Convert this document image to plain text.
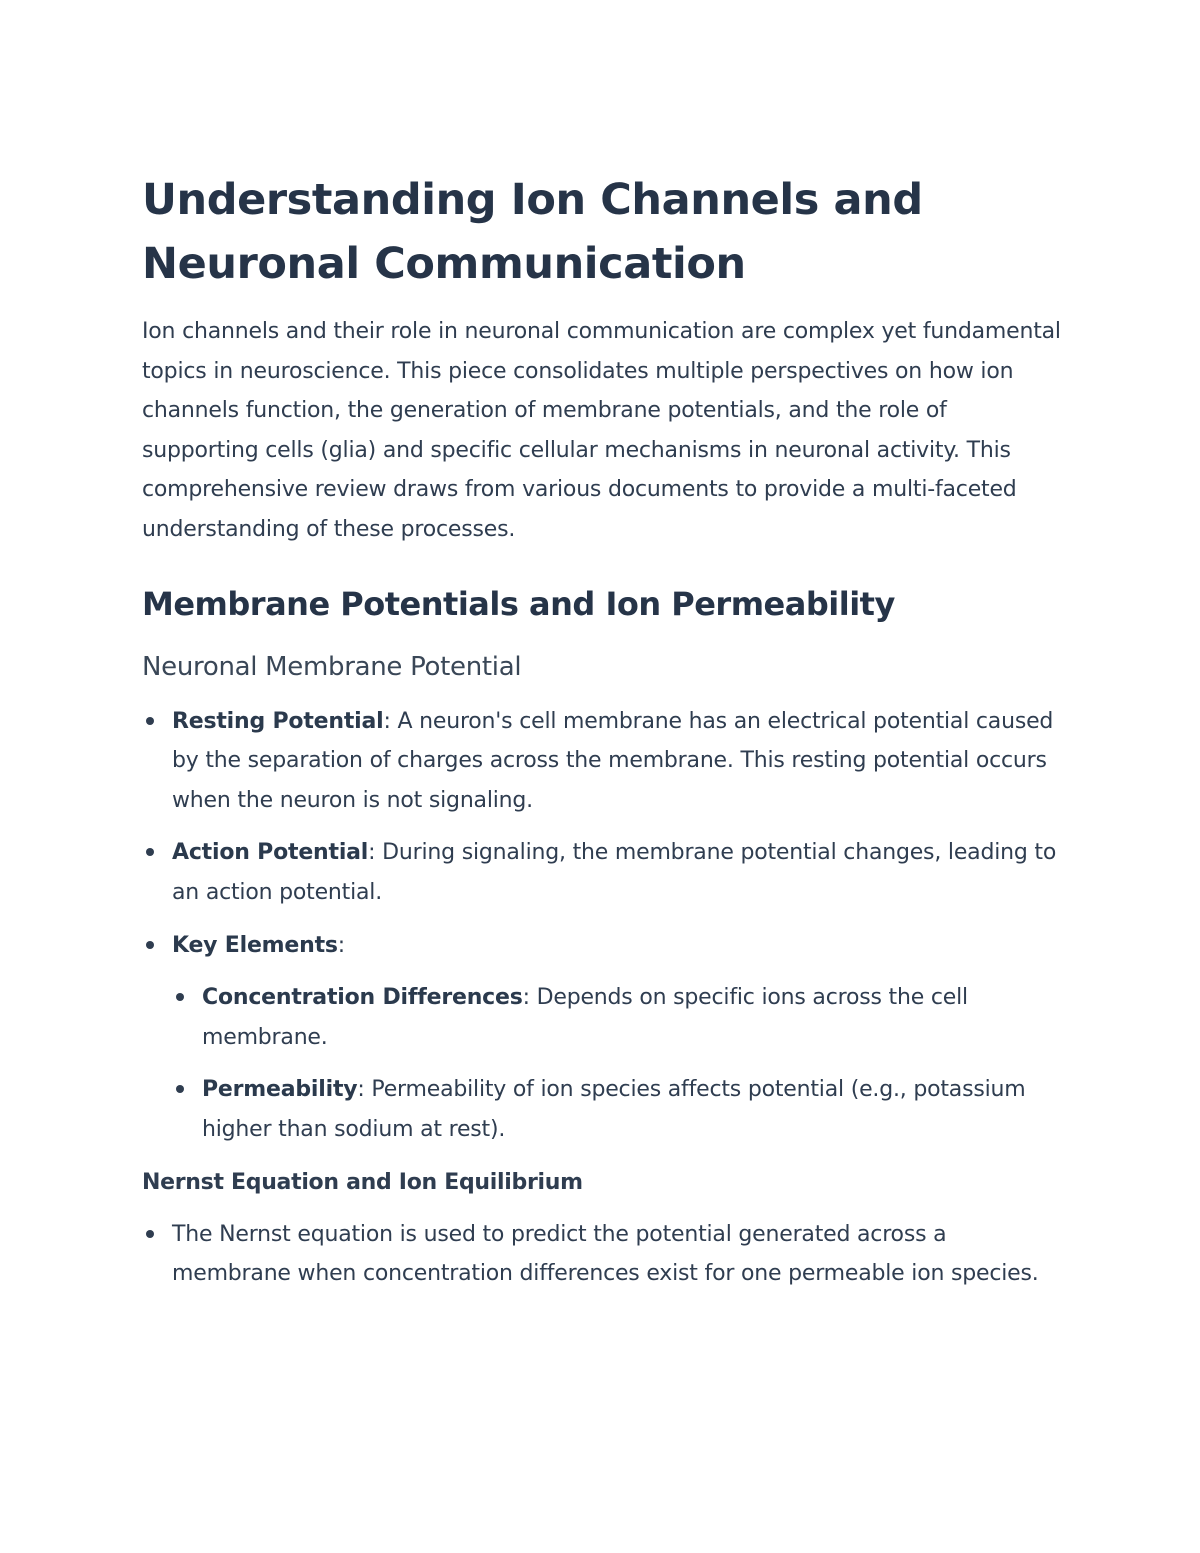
Understanding Ion Channels and Neuronal Communication

Ion channels and their role in neuronal communication are complex yet fundamental topics in neuroscience. This piece consolidates multiple perspectives on how ion channels function, the generation of membrane potentials, and the role of supporting cells (glia) and specific cellular mechanisms in neuronal activity. This comprehensive review draws from various documents to provide a multi-faceted understanding of these processes.

Membrane Potentials and Ion Permeability
Neuronal Membrane Potential
Resting Potential: A neuron's cell membrane has an electrical potential caused by the separation of charges across the membrane. This resting potential occurs when the neuron is not signaling.
Action Potential: During signaling, the membrane potential changes, leading to an action potential.
Key Elements:
Concentration Differences: Depends on specific ions across the cell membrane.
Permeability: Permeability of ion species affects potential (e.g., potassium higher than sodium at rest).
Nernst Equation and Ion Equilibrium
The Nernst equation is used to predict the potential generated across a membrane when concentration differences exist for one permeable ion species.
